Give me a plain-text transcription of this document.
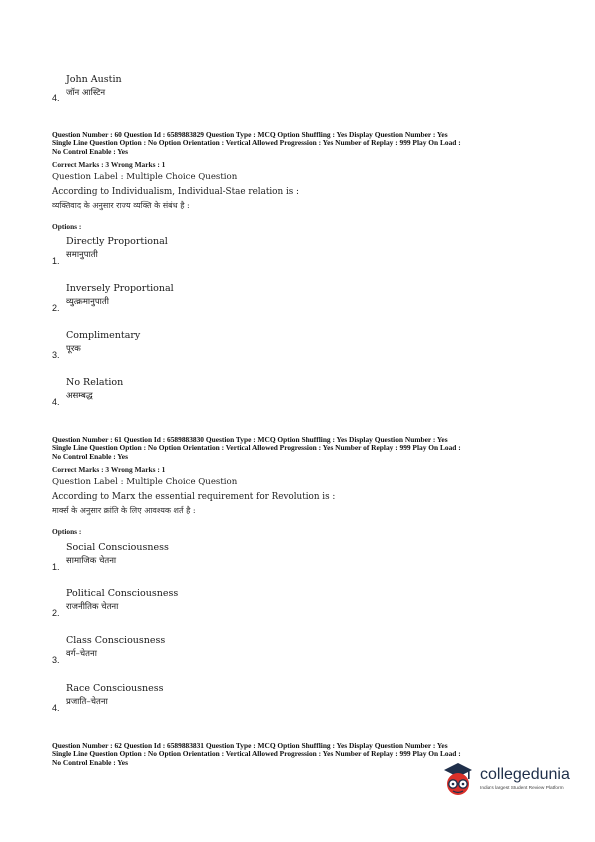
John Austin
जॉन आस्टिन
4.
Question Number : 60 Question Id : 6589883829 Question Type : MCQ Option Shuffling : Yes Display Question Number : Yes
Single Line Question Option : No Option Orientation : Vertical Allowed Progression : Yes Number of Replay : 999 Play On Load :
No Control Enable : Yes
Correct Marks : 3 Wrong Marks : 1
Question Label : Multiple Choice Question
According to Individualism, Individual-Stae relation is :
व्यक्तिवाद के अनुसार राज्य व्यक्ति के संबंध है :
Options :
Directly Proportional
समानुपाती
1.
Inversely Proportional
व्युत्क्रमानुपाती
2.
Complimentary
पूरक
3.
No Relation
असम्बद्ध
4.
Question Number : 61 Question Id : 6589883830 Question Type : MCQ Option Shuffling : Yes Display Question Number : Yes
Single Line Question Option : No Option Orientation : Vertical Allowed Progression : Yes Number of Replay : 999 Play On Load :
No Control Enable : Yes
Correct Marks : 3 Wrong Marks : 1
Question Label : Multiple Choice Question
According to Marx the essential requirement for Revolution is :
मार्क्स के अनुसार क्रांति के लिए आवश्यक शर्त है :
Options :
Social Consciousness
सामाजिक चेतना
1.
Political Consciousness
राजनीतिक चेतना
2.
Class Consciousness
वर्ग–चेतना
3.
Race Consciousness
प्रजाति–चेतना
4.
Question Number : 62 Question Id : 6589883831 Question Type : MCQ Option Shuffling : Yes Display Question Number : Yes
Single Line Question Option : No Option Orientation : Vertical Allowed Progression : Yes Number of Replay : 999 Play On Load :
No Control Enable : Yes
collegedunia
India's largest Student Review Platform
